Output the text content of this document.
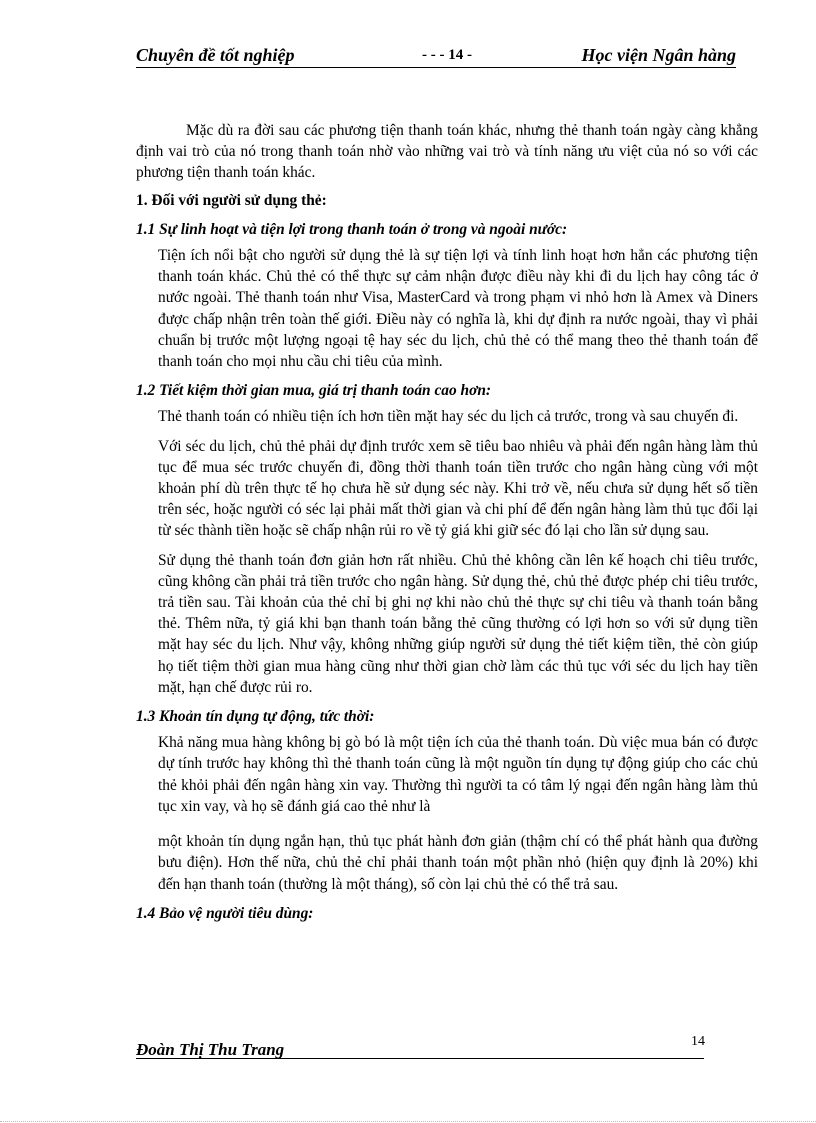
Chuyên đề tốt nghiệp	- - - 14 -	Học viện Ngân hàng

Mặc dù ra đời sau các phương tiện thanh toán khác, nhưng thẻ thanh toán ngày càng khẳng định vai trò của nó trong thanh toán nhờ vào những vai trò và tính năng ưu việt của nó so với các phương tiện thanh toán khác.

1. Đối với người sử dụng thẻ:

1.1 Sự linh hoạt và tiện lợi trong thanh toán ở trong và ngoài nước:

Tiện ích nổi bật cho người sử dụng thẻ là sự tiện lợi và tính linh hoạt hơn hẳn các phương tiện thanh toán khác. Chủ thẻ có thể thực sự cảm nhận được điều này khi đi du lịch hay công tác ở nước ngoài. Thẻ thanh toán như Visa, MasterCard và trong phạm vi nhỏ hơn là Amex và Diners được chấp nhận trên toàn thế giới. Điều này có nghĩa là, khi dự định ra nước ngoài, thay vì phải chuẩn bị trước một lượng ngoại tệ hay séc du lịch, chủ thẻ có thể mang theo thẻ thanh toán để thanh toán cho mọi nhu cầu chi tiêu của mình.

1.2 Tiết kiệm thời gian mua, giá trị thanh toán cao hơn:

Thẻ thanh toán có nhiều tiện ích hơn tiền mặt hay séc du lịch cả trước, trong và sau chuyến đi.

Với séc du lịch, chủ thẻ phải dự định trước xem sẽ tiêu bao nhiêu và phải đến ngân hàng làm thủ tục để mua séc trước chuyến đi, đồng thời thanh toán tiền trước cho ngân hàng cùng với một khoản phí dù trên thực tế họ chưa hề sử dụng séc này. Khi trở về, nếu chưa sử dụng hết số tiền trên séc, hoặc người có séc lại phải mất thời gian và chi phí để đến ngân hàng làm thủ tục đổi lại từ séc thành tiền hoặc sẽ chấp nhận rủi ro về tỷ giá khi giữ séc đó lại cho lần sử dụng sau.

Sử dụng thẻ thanh toán đơn giản hơn rất nhiều. Chủ thẻ không cần lên kế hoạch chi tiêu trước, cũng không cần phải trả tiền trước cho ngân hàng. Sử dụng thẻ, chủ thẻ được phép chi tiêu trước, trả tiền sau. Tài khoản của thẻ chỉ bị ghi nợ khi nào chủ thẻ thực sự chi tiêu và thanh toán bằng thẻ. Thêm nữa, tỷ giá khi bạn thanh toán bằng thẻ cũng thường có lợi hơn so với sử dụng tiền mặt hay séc du lịch. Như vậy, không những giúp người sử dụng thẻ tiết kiệm tiền, thẻ còn giúp họ tiết tiệm thời gian mua hàng cũng như thời gian chờ làm các thủ tục với séc du lịch hay tiền mặt, hạn chế được rủi ro.

1.3 Khoản tín dụng tự động, tức thời:

Khả năng mua hàng không bị gò bó là một tiện ích của thẻ thanh toán. Dù việc mua bán có được dự tính trước hay không thì thẻ thanh toán cũng là một nguồn tín dụng tự động giúp cho các chủ thẻ khỏi phải đến ngân hàng xin vay. Thường thì người ta có tâm lý ngại đến ngân hàng làm thủ tục xin vay, và họ sẽ đánh giá cao thẻ như là

một khoản tín dụng ngắn hạn, thủ tục phát hành đơn giản (thậm chí có thể phát hành qua đường bưu điện). Hơn thế nữa, chủ thẻ chỉ phải thanh toán một phần nhỏ (hiện quy định là 20%) khi đến hạn thanh toán (thường là một tháng), số còn lại chủ thẻ có thể trả sau.

1.4 Bảo vệ người tiêu dùng:

14
Đoàn Thị Thu Trang
